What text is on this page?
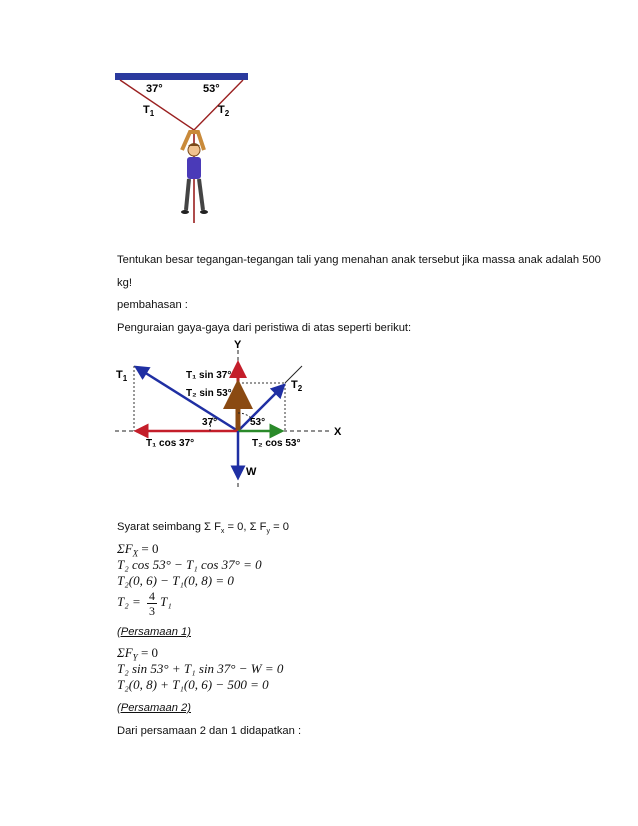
37°	53°
$T_1$	$T_2$
Tentukan besar tegangan-tegangan tali yang menahan anak tersebut jika massa anak adalah 500
kg!
pembahasan :
Penguraian gaya-gaya dari peristiwa di atas seperti berikut:
Y
X
$T_1$
$T_2$
T₁ sin 37°
T₂ sin 53°
T₁ cos 37°	T₂ cos 53°
W
37°	53°
Syarat seimbang Σ $F_x = 0$, Σ $F_y = 0$
$\Sigma F_X = 0$
T₂ cos 53° − T₁ cos 37° = 0
T₂(0, 6) − T₁(0, 8) = 0
$T_2 = \frac{4}{3} T_1$
(Persamaan 1)
$\Sigma F_Y = 0$
T₂ sin 53° + T₁ sin 37° − W = 0
T₂(0, 8) + T₁(0, 6) − 500 = 0
(Persamaan 2)
Dari persamaan 2 dan 1 didapatkan :
